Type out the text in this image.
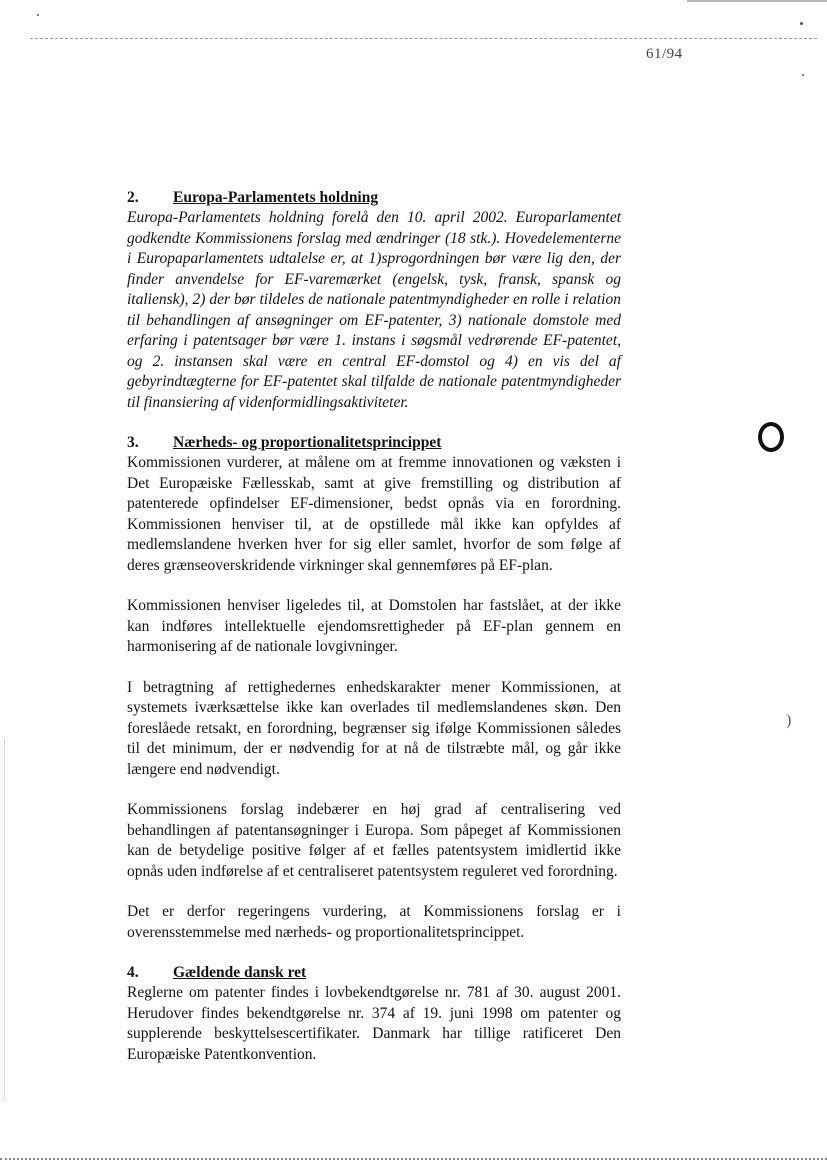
61/94
)
2.	Europa-Parlamentets holdning

Europa-Parlamentets holdning forelå den 10. april 2002. Europarlamentet godkendte Kommissionens forslag med ændringer (18 stk.). Hovedelementerne i Europaparlamentets udtalelse er, at 1)sprogordningen bør være lig den, der finder anvendelse for EF-varemærket (engelsk, tysk, fransk, spansk og italiensk), 2) der bør tildeles de nationale patentmyndigheder en rolle i relation til behandlingen af ansøgninger om EF-patenter, 3) nationale domstole med erfaring i patentsager bør være 1. instans i søgsmål vedrørende EF-patentet, og 2. instansen skal være en central EF-domstol og 4) en vis del af gebyrindtægterne for EF-patentet skal tilfalde de nationale patentmyndigheder til finansiering af videnformidlingsaktiviteter.

3.	Nærheds- og proportionalitetsprincippet

Kommissionen vurderer, at målene om at fremme innovationen og væksten i Det Europæiske Fællesskab, samt at give fremstilling og distribution af patenterede opfindelser EF-dimensioner, bedst opnås via en forordning. Kommissionen henviser til, at de opstillede mål ikke kan opfyldes af medlemslandene hverken hver for sig eller samlet, hvorfor de som følge af deres grænseoverskridende virkninger skal gennemføres på EF-plan.

Kommissionen henviser ligeledes til, at Domstolen har fastslået, at der ikke kan indføres intellektuelle ejendomsrettigheder på EF-plan gennem en harmonisering af de nationale lovgivninger.

I betragtning af rettighedernes enhedskarakter mener Kommissionen, at systemets iværksættelse ikke kan overlades til medlemslandenes skøn. Den foreslåede retsakt, en forordning, begrænser sig ifølge Kommissionen således til det minimum, der er nødvendig for at nå de tilstræbte mål, og går ikke længere end nødvendigt.

Kommissionens forslag indebærer en høj grad af centralisering ved behandlingen af patentansøgninger i Europa. Som påpeget af Kommissionen kan de betydelige positive følger af et fælles patentsystem imidlertid ikke opnås uden indførelse af et centraliseret patentsystem reguleret ved forordning.

Det er derfor regeringens vurdering, at Kommissionens forslag er i overensstemmelse med nærheds- og proportionalitetsprincippet.

4.	Gældende dansk ret

Reglerne om patenter findes i lovbekendtgørelse nr. 781 af 30. august 2001. Herudover findes bekendtgørelse nr. 374 af 19. juni 1998 om patenter og supplerende beskyttelsescertifikater. Danmark har tillige ratificeret Den Europæiske Patentkonvention.
